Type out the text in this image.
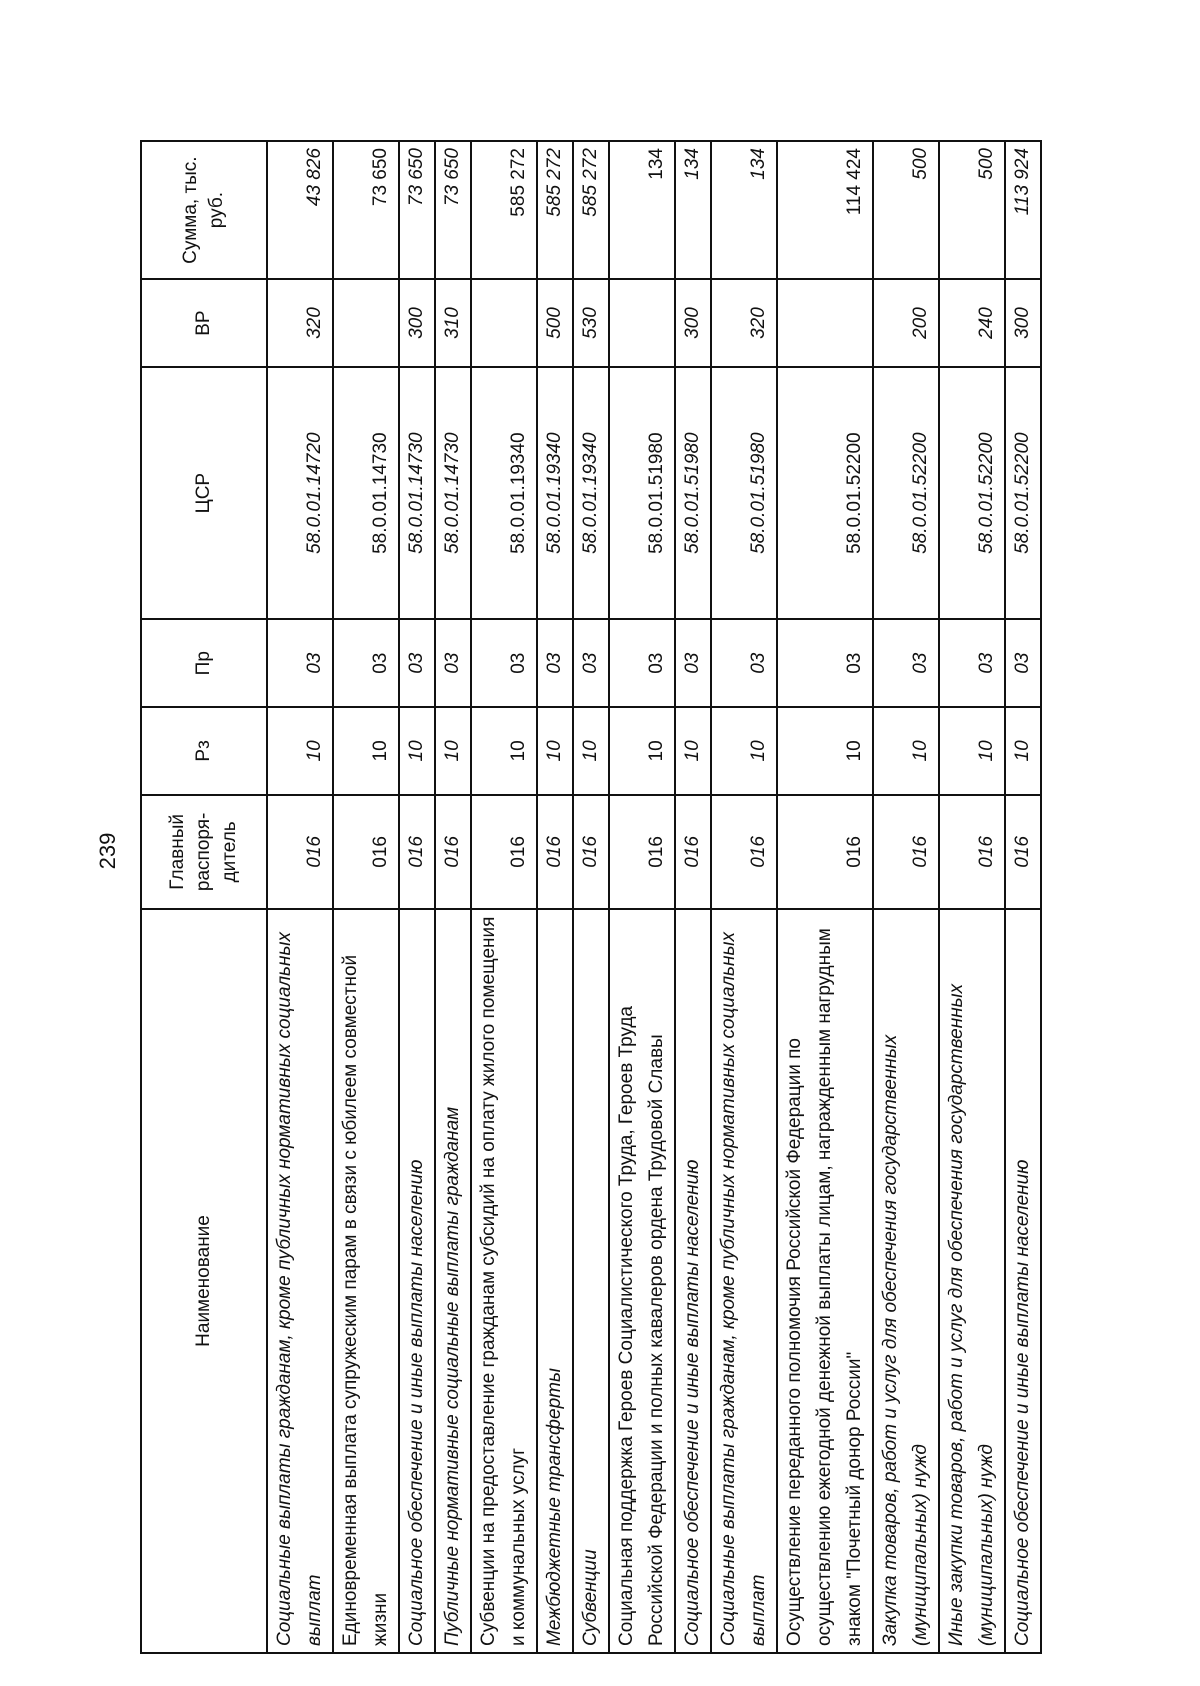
239
Наименование	Главный распоря-дитель	Рз	Пр	ЦСР	ВР	Сумма, тыс. руб.
Социальные выплаты гражданам, кроме публичных нормативных социальных выплат	016	10	03	58.0.01.14720	320	43 826
Единовременная выплата супружеским парам в связи с юбилеем совместной жизни	016	10	03	58.0.01.14730		73 650
Социальное обеспечение и иные выплаты населению	016	10	03	58.0.01.14730	300	73 650
Публичные нормативные социальные выплаты гражданам	016	10	03	58.0.01.14730	310	73 650
Субвенции на предоставление гражданам субсидий на оплату жилого помещения и коммунальных услуг	016	10	03	58.0.01.19340		585 272
Межбюджетные трансферты	016	10	03	58.0.01.19340	500	585 272
Субвенции	016	10	03	58.0.01.19340	530	585 272
Социальная поддержка Героев Социалистического Труда, Героев Труда Российской Федерации и полных кавалеров ордена Трудовой Славы	016	10	03	58.0.01.51980		134
Социальное обеспечение и иные выплаты населению	016	10	03	58.0.01.51980	300	134
Социальные выплаты гражданам, кроме публичных нормативных социальных выплат	016	10	03	58.0.01.51980	320	134
Осуществление переданного полномочия Российской Федерации по осуществлению ежегодной денежной выплаты лицам, награжденным нагрудным знаком "Почетный донор России"	016	10	03	58.0.01.52200		114 424
Закупка товаров, работ и услуг для обеспечения государственных (муниципальных) нужд	016	10	03	58.0.01.52200	200	500
Иные закупки товаров, работ и услуг для обеспечения государственных (муниципальных) нужд	016	10	03	58.0.01.52200	240	500
Социальное обеспечение и иные выплаты населению	016	10	03	58.0.01.52200	300	113 924
